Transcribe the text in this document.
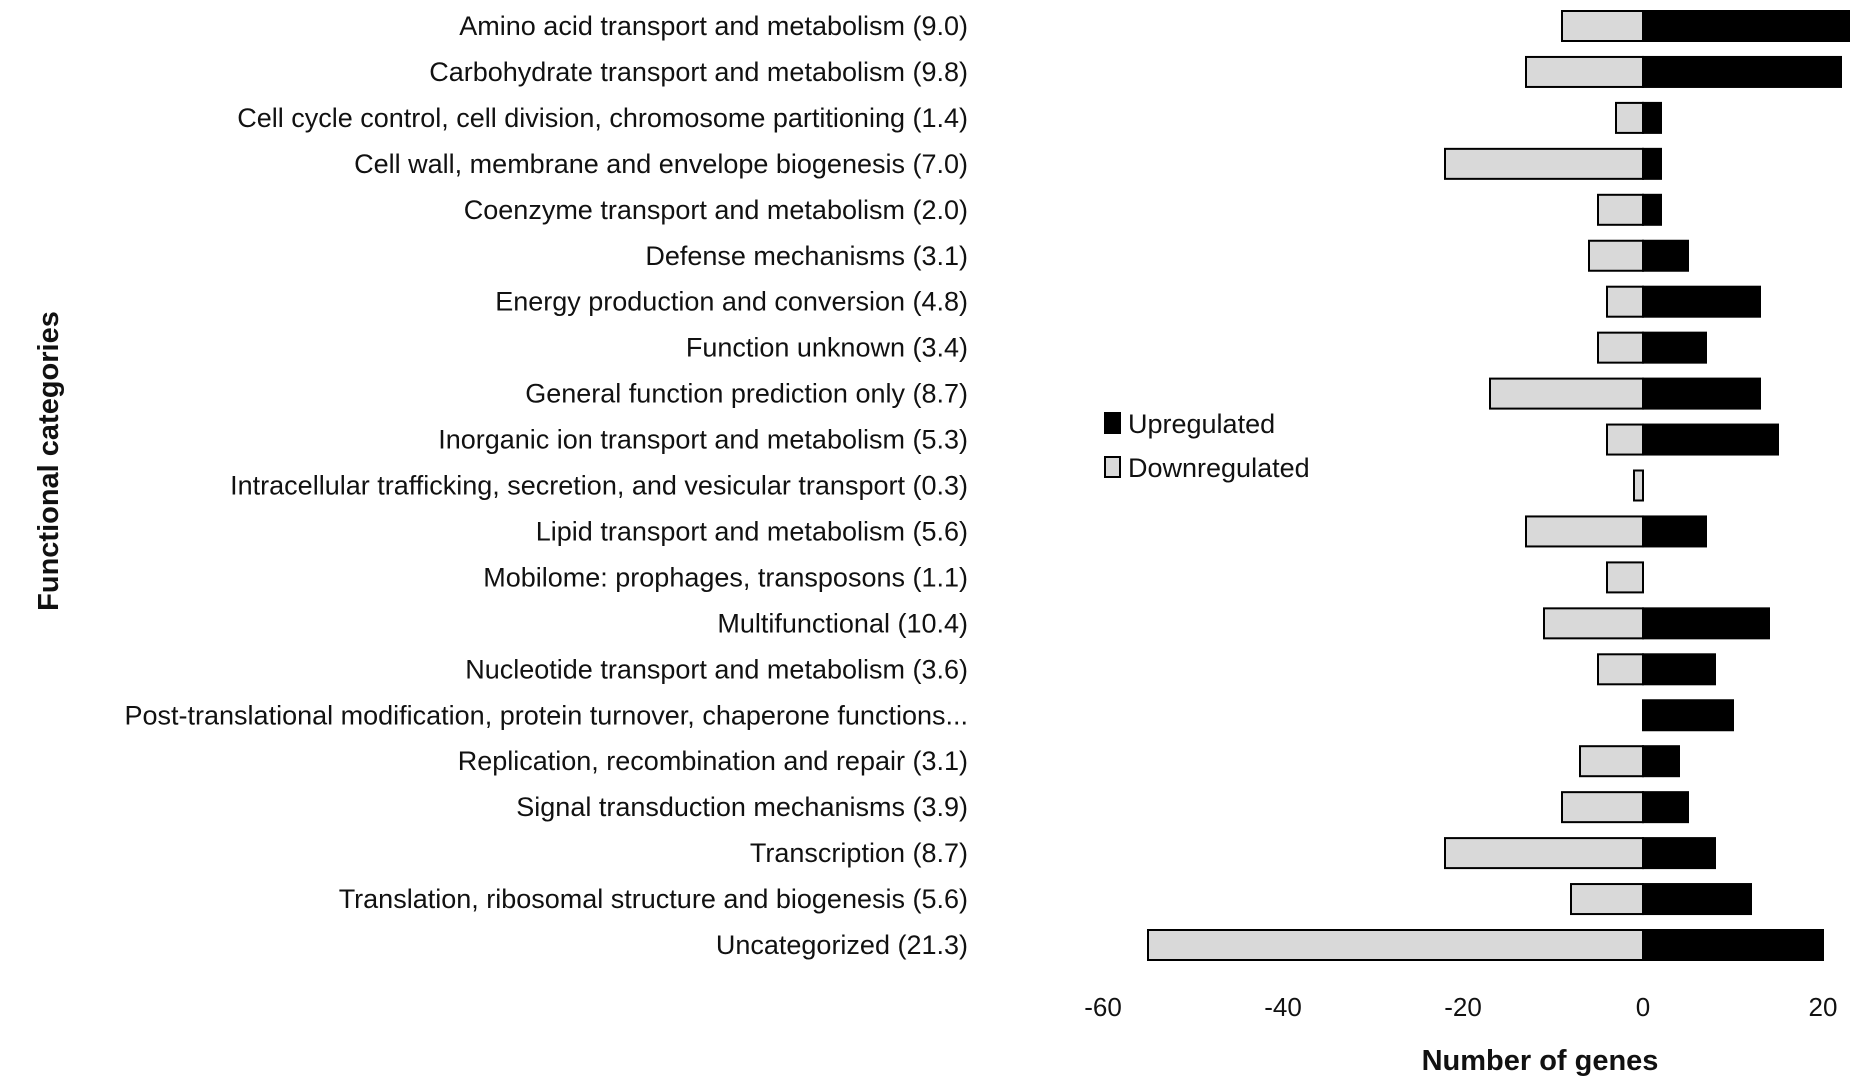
Functional categories
Amino acid transport and metabolism (9.0)
Carbohydrate transport and metabolism (9.8)
Cell cycle control, cell division, chromosome partitioning (1.4)
Cell wall, membrane and envelope biogenesis (7.0)
Coenzyme transport and metabolism (2.0)
Defense mechanisms (3.1)
Energy production and conversion (4.8)
Function unknown (3.4)
General function prediction only (8.7)
Inorganic ion transport and metabolism (5.3)
Intracellular trafficking, secretion, and vesicular transport (0.3)
Lipid transport and metabolism (5.6)
Mobilome: prophages, transposons (1.1)
Multifunctional (10.4)
Nucleotide transport and metabolism (3.6)
Post-translational modification, protein turnover, chaperone functions...
Replication, recombination and repair (3.1)
Signal transduction mechanisms (3.9)
Transcription (8.7)
Translation, ribosomal structure and biogenesis (5.6)
Uncategorized (21.3)
-60	-40	-20	0	20
Number of genes
Upregulated
Downregulated
